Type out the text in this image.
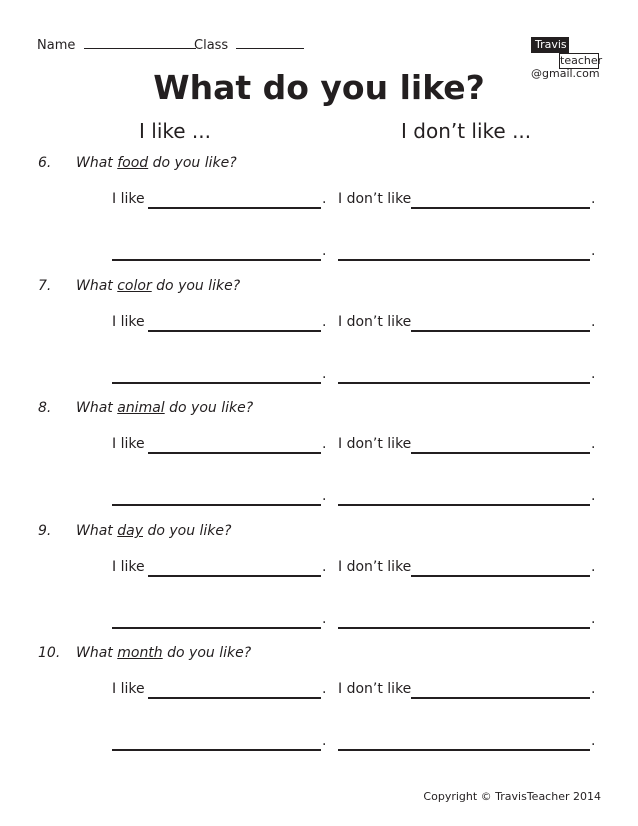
Name	Class	Travis
teacher
@gmail.com
What do you like?
I like ...	I don’t like ...
6. What food do you like?
I like	. I don’t like	.
.	.
7. What color do you like?
I like	. I don’t like	.
.	.
8. What animal do you like?
I like	. I don’t like	.
.	.
9. What day do you like?
I like	. I don’t like	.
.	.
10. What month do you like?
I like	. I don’t like	.
.	.
Copyright © TravisTeacher 2014
